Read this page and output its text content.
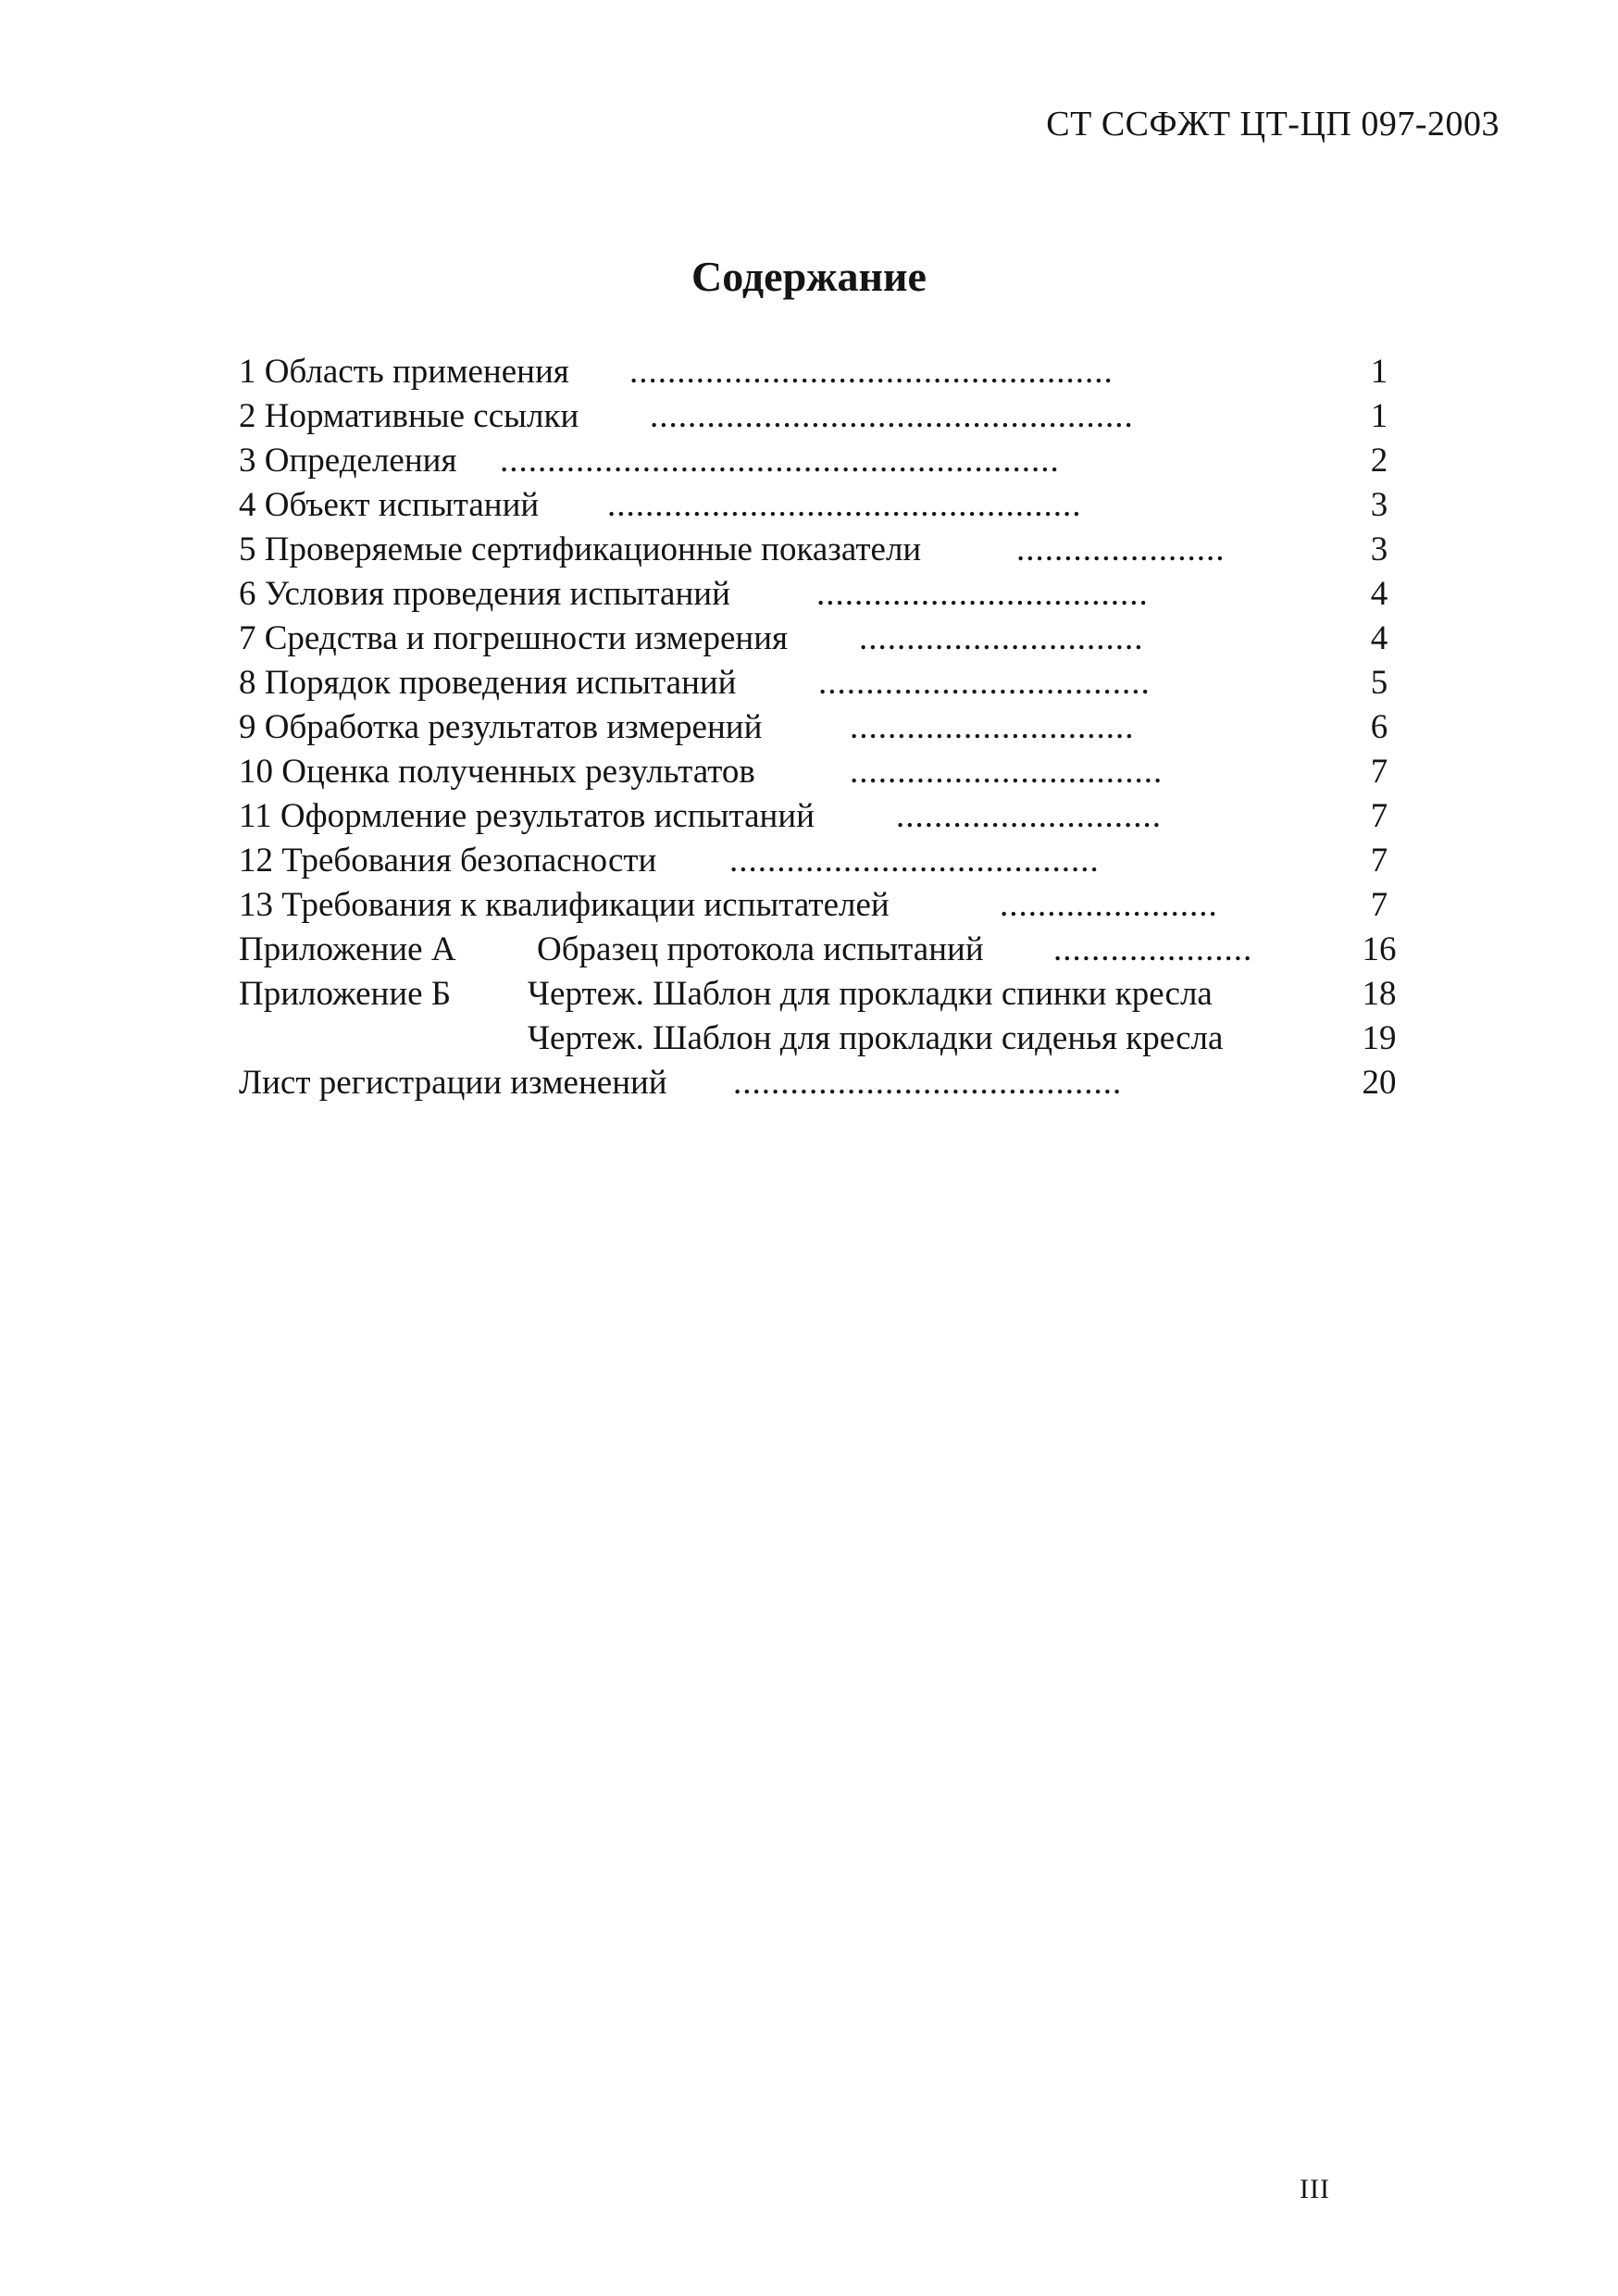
СТ ССФЖТ ЦТ-ЦП 097-2003
Содержание
1 Область применения ...................................................	1
2 Нормативные ссылки ...................................................	1
3 Определения ...........................................................	2
4 Объект испытаний ..................................................	3
5 Проверяемые сертификационные показатели	......................	3
6 Условия проведения испытаний	...................................	4
7 Средства и погрешности измерения ..............................	4
8 Порядок проведения испытаний ...................................	5
9 Обработка результатов измерений	..............................	6
10 Оценка полученных результатов	.................................	7
11 Оформление результатов испытаний ............................	7
12 Требования безопасности .......................................	7
13 Требования к квалификации испытателей	.......................	7
Приложение А Образец протокола испытаний .....................	16
Приложение Б Чертеж. Шаблон для прокладки спинки кресла	18
Чертеж. Шаблон для прокладки сиденья кресла	19
Лист регистрации изменений .........................................	20
III
